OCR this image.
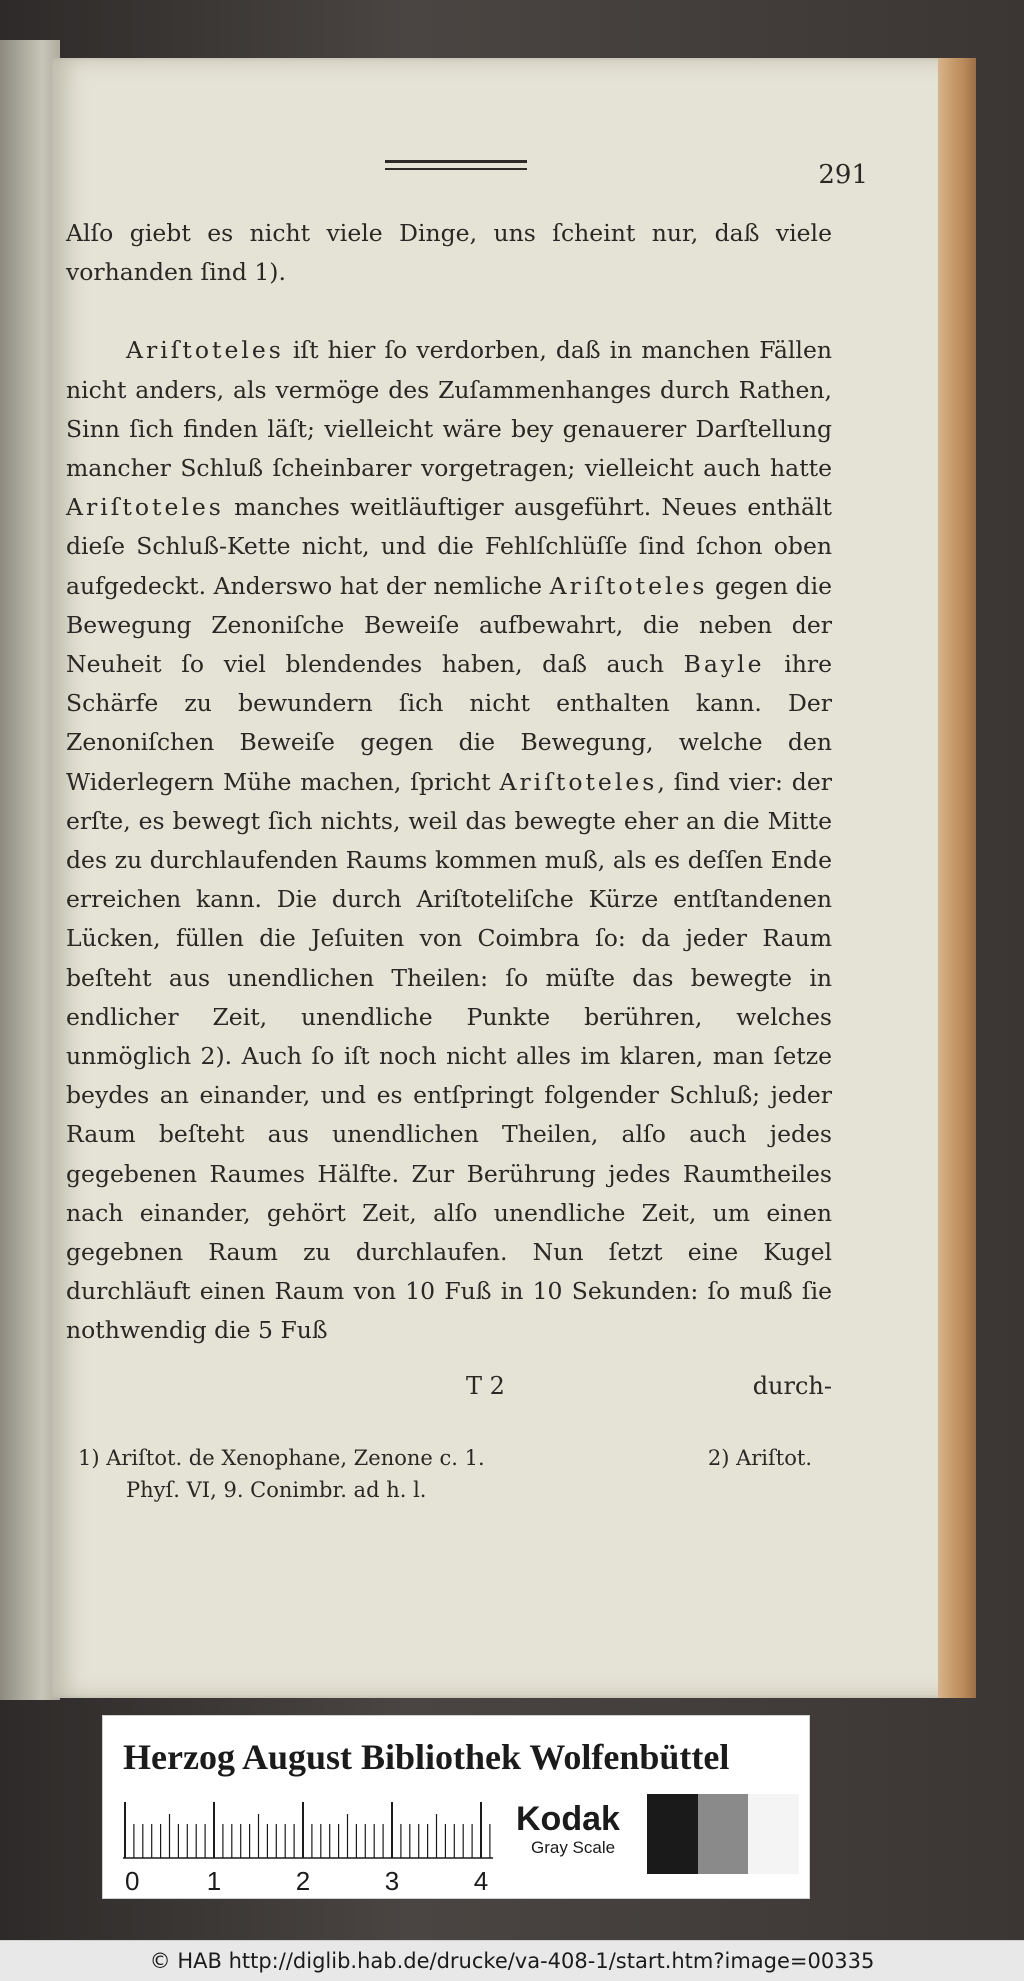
291

Alſo giebt es nicht viele Dinge, uns ſcheint nur, daß viele vorhanden ſind 1).

Ariſtoteles iſt hier ſo verdorben, daß in manchen Fällen nicht anders, als vermöge des Zuſammenhanges durch Rathen, Sinn ſich finden läſt; vielleicht wäre bey genauerer Darſtellung mancher Schluß ſcheinbarer vorgetragen; vielleicht auch hatte Ariſtoteles manches weitläuftiger ausgeführt. Neues enthält dieſe Schluß-Kette nicht, und die Fehlſchlüſſe ſind ſchon oben aufgedeckt. Anderswo hat der nemliche Ariſtoteles gegen die Bewegung Zenoniſche Beweiſe aufbewahrt, die neben der Neuheit ſo viel blendendes haben, daß auch Bayle ihre Schärfe zu bewundern ſich nicht enthalten kann. Der Zenoniſchen Beweiſe gegen die Bewegung, welche den Widerlegern Mühe machen, ſpricht Ariſtoteles, ſind vier: der erſte, es bewegt ſich nichts, weil das bewegte eher an die Mitte des zu durchlaufenden Raums kommen muß, als es deſſen Ende erreichen kann. Die durch Ariſtoteliſche Kürze entſtandenen Lücken, füllen die Jeſuiten von Coimbra ſo: da jeder Raum beſteht aus unendlichen Theilen: ſo müſte das bewegte in endlicher Zeit, unendliche Punkte berühren, welches unmöglich 2). Auch ſo iſt noch nicht alles im klaren, man ſetze beydes an einander, und es entſpringt folgender Schluß; jeder Raum beſteht aus unendlichen Theilen, alſo auch jedes gegebenen Raumes Hälfte. Zur Berührung jedes Raumtheiles nach einander, gehört Zeit, alſo unendliche Zeit, um einen gegebnen Raum zu durchlaufen. Nun ſetzt eine Kugel durchläuft einen Raum von 10 Fuß in 10 Sekunden: ſo muß ſie nothwendig die 5 Fuß

T 2	durch-
1) Ariſtot. de Xenophane, Zenone c. 1.	2) Ariſtot.
Phyſ. VI, 9. Conimbr. ad h. l.
Herzog August Bibliothek Wolfenbüttel
0	1	2	3	4
Kodak
Gray Scale
© HAB http://diglib.hab.de/drucke/va-408-1/start.htm?image=00335
